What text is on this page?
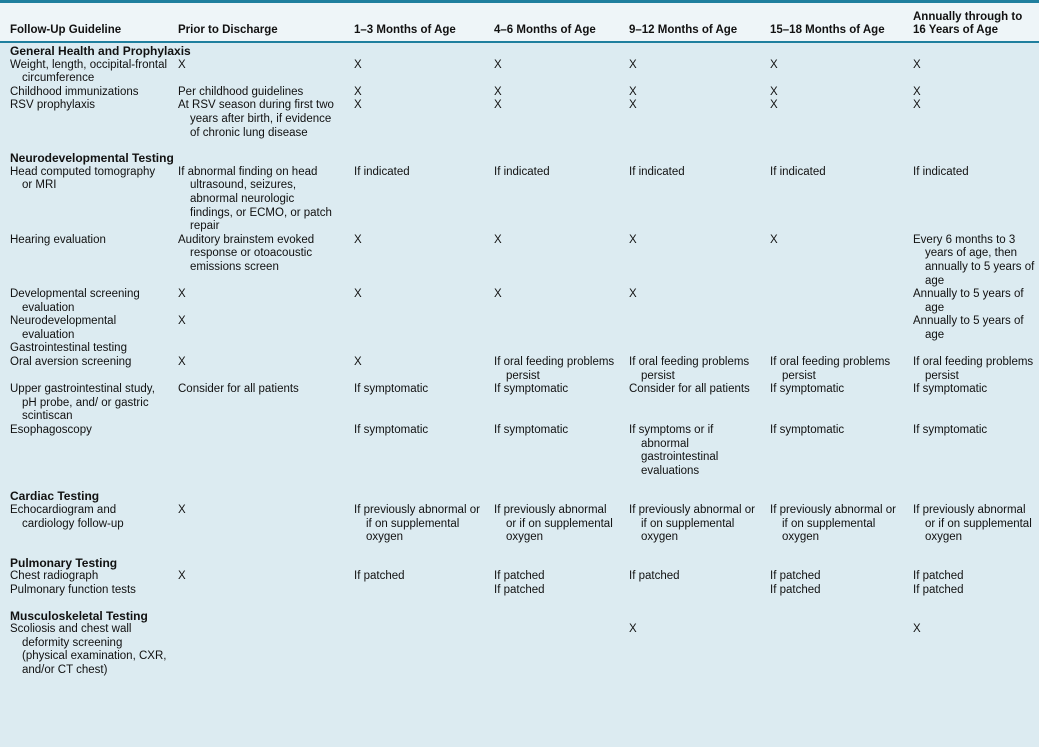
Follow-Up Guideline	Prior to Discharge	1–3 Months of Age	4–6 Months of Age	9–12 Months of Age	15–18 Months of Age	Annually through to 16 Years of Age
General Health and Prophylaxis						

Weight, length, occipital-frontal circumference	X	X	X	X	X	X

Childhood immunizations	Per childhood guidelines	X	X	X	X	X

RSV prophylaxis	At RSV season during first two years after birth, if evidence of chronic lung disease	X	X	X	X	X

Neurodevelopmental Testing						

Head computed tomography or MRI	If abnormal finding on head ultrasound, seizures, abnormal neurologic findings, or ECMO, or patch repair	If indicated	If indicated	If indicated	If indicated	If indicated

Hearing evaluation	Auditory brainstem evoked response or otoacoustic emissions screen	X	X	X	X	Every 6 months to 3 years of age, then annually to 5 years of age

Developmental screening evaluation	X	X	X	X		Annually to 5 years of age

Neurodevelopmental evaluation	X					Annually to 5 years of age

Gastrointestinal testing						

Oral aversion screening	X	X	If oral feeding problems persist	If oral feeding problems persist	If oral feeding problems persist	If oral feeding problems persist

Upper gastrointestinal study, pH probe, and/ or gastric scintiscan	Consider for all patients	If symptomatic	If symptomatic	Consider for all patients	If symptomatic	If symptomatic

Esophagoscopy		If symptomatic	If symptomatic	If symptoms or if abnormal gastrointestinal evaluations	If symptomatic	If symptomatic

Cardiac Testing						

Echocardiogram and cardiology follow-up	X	If previously abnormal or if on supplemental oxygen	If previously abnormal or if on supplemental oxygen	If previously abnormal or if on supplemental oxygen	If previously abnormal or if on supplemental oxygen	If previously abnormal or if on supplemental oxygen

Pulmonary Testing						

Chest radiograph	X	If patched	If patched	If patched	If patched	If patched

Pulmonary function tests			If patched		If patched	If patched

Musculoskeletal Testing						

Scoliosis and chest wall deformity screening (physical examination, CXR, and/or CT chest)				X		X
